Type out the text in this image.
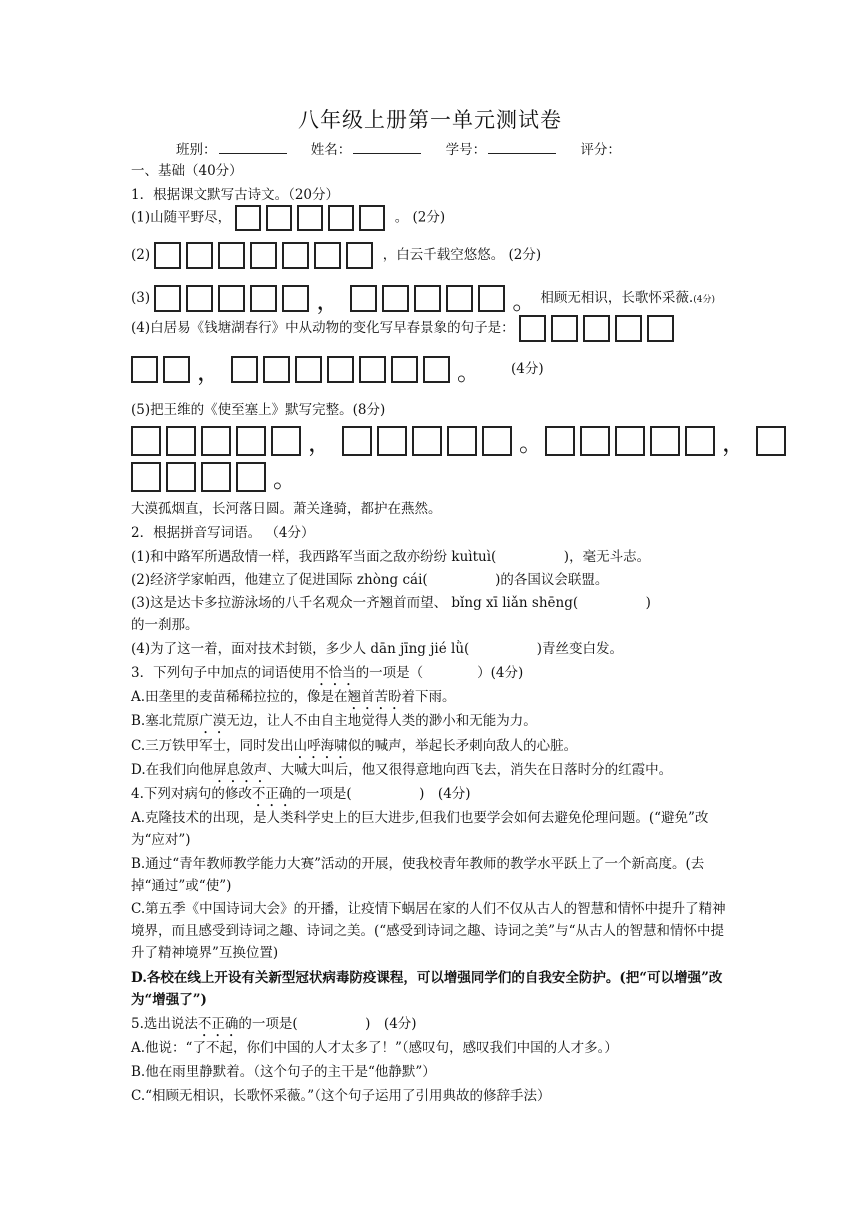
八年级上册第一单元测试卷
班别：	姓名：	学号：	评分：
一、基础（40分）
1．根据课文默写古诗文。（20分）
(1)山随平野尽，	。 (2分)
(2)	，白云千载空悠悠。 (2分)
(3)	，	。 相顾无相识，长歌怀采薇.(4分)
(4)白居易《钱塘湖春行》中从动物的变化写早春景象的句子是：
，	。 (4分)
(5)把王维的《使至塞上》默写完整。(8分)
，	。	，
。
大漠孤烟直，长河落日圆。萧关逢骑，都护在燕然。
2．根据拼音写词语。 （4分）
(1)和中路军所遇敌情一样，我西路军当面之敌亦纷纷 kuìtuì(　　　　　)，毫无斗志。
(2)经济学家帕西，他建立了促进国际 zhòng cái(　　　　　)的各国议会联盟。
(3)这是达卡多拉游泳场的八千名观众一齐翘首而望、 bǐng xī liǎn shēng(　　　　　)
的一刹那。
(4)为了这一着，面对技术封锁，多少人 dān jīng jié lǜ(　　　　　)青丝变白发。
3．下列句子中加点的词语使用不恰当的一项是（　　　　）(4分)
A.田垄里的麦苗稀稀拉拉的，像是在翘首苦盼着下雨。
B.塞北荒原广漠无边，让人不由自主地觉得人类的渺小和无能为力。
C.三万铁甲军士，同时发出山呼海啸似的喊声，举起长矛刺向敌人的心脏。
D.在我们向他屏息敛声、大喊大叫后，他又很得意地向西飞去，消失在日落时分的红霞中。
4.下列对病句的修改不正确的一项是(　　　　　)　(4分)
A.克隆技术的出现，是人类科学史上的巨大进步,但我们也要学会如何去避免伦理问题。(“避免”改为“应对”)
B.通过“青年教师教学能力大赛”活动的开展，使我校青年教师的教学水平跃上了一个新高度。(去掉“通过”或“使”)
C.第五季《中国诗词大会》的开播，让疫情下蜗居在家的人们不仅从古人的智慧和情怀中提升了精神境界，而且感受到诗词之趣、诗词之美。(“感受到诗词之趣、诗词之美”与“从古人的智慧和情怀中提升了精神境界”互换位置)
D.各校在线上开设有关新型冠状病毒防疫课程，可以增强同学们的自我安全防护。(把“可以增强”改为“增强了”)
5.选出说法不正确的一项是(　　　　　)　(4分)
A.他说：“了不起，你们中国的人才太多了！”（感叹句，感叹我们中国的人才多。）
B.他在雨里静默着。（这个句子的主干是“他静默”）
C.“相顾无相识，长歌怀采薇。”（这个句子运用了引用典故的修辞手法）
